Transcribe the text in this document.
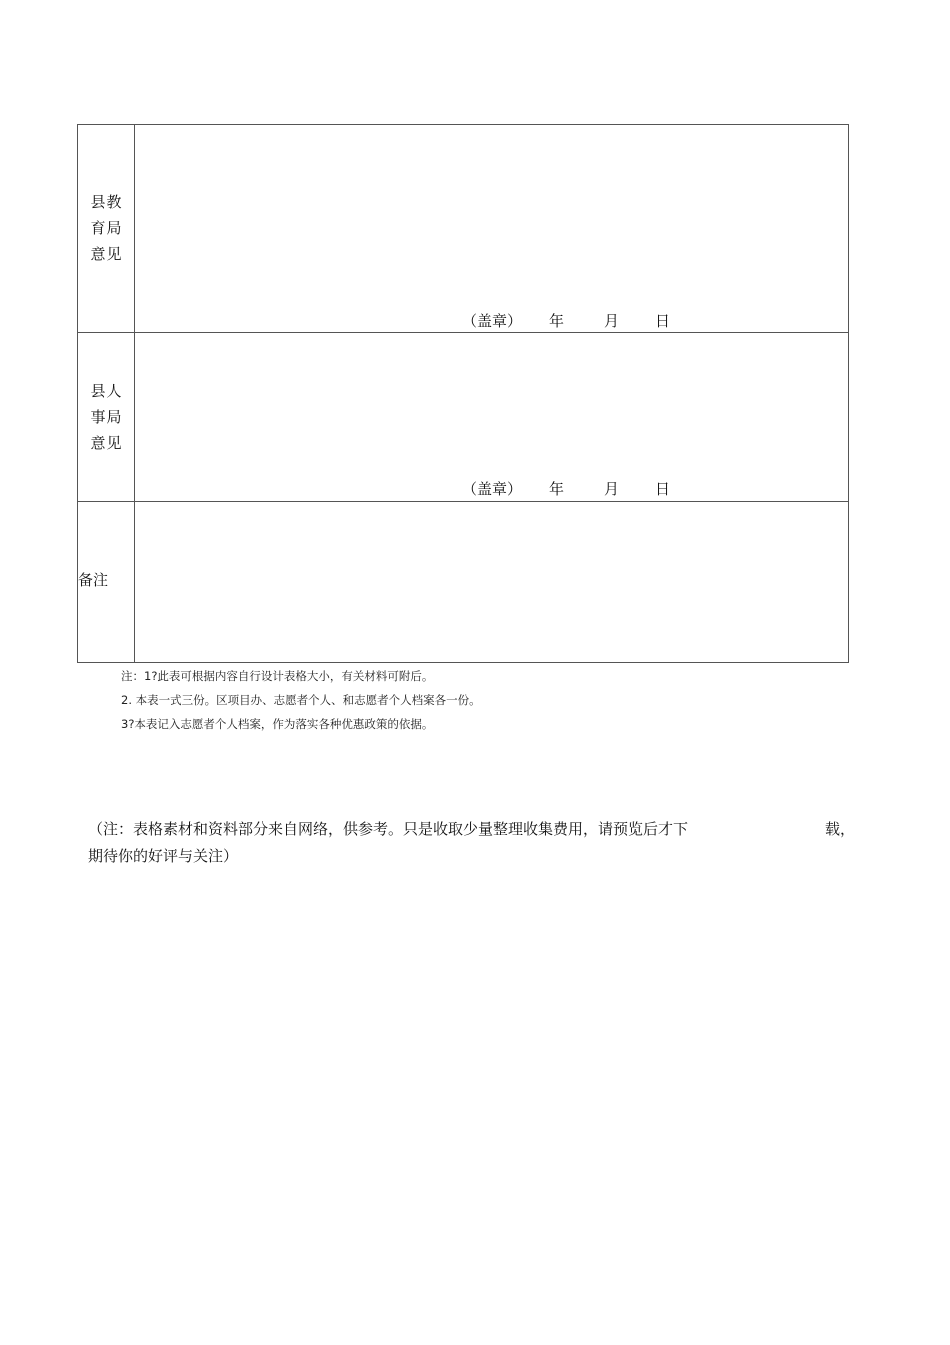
县教
育局
意见
（盖章） 年	月 日
县人
事局
意见
（盖章） 年	月 日
备注
注：1?此表可根据内容自行设计表格大小，有关材料可附后。
2. 本表一式三份。区项目办、志愿者个人、和志愿者个人档案各一份。
3?本表记入志愿者个人档案，作为落实各种优惠政策的依据。
（注：表格素材和资料部分来自网络，供参考。只是收取少量整理收集费用，请预览后才下	载，
期待你的好评与关注）
